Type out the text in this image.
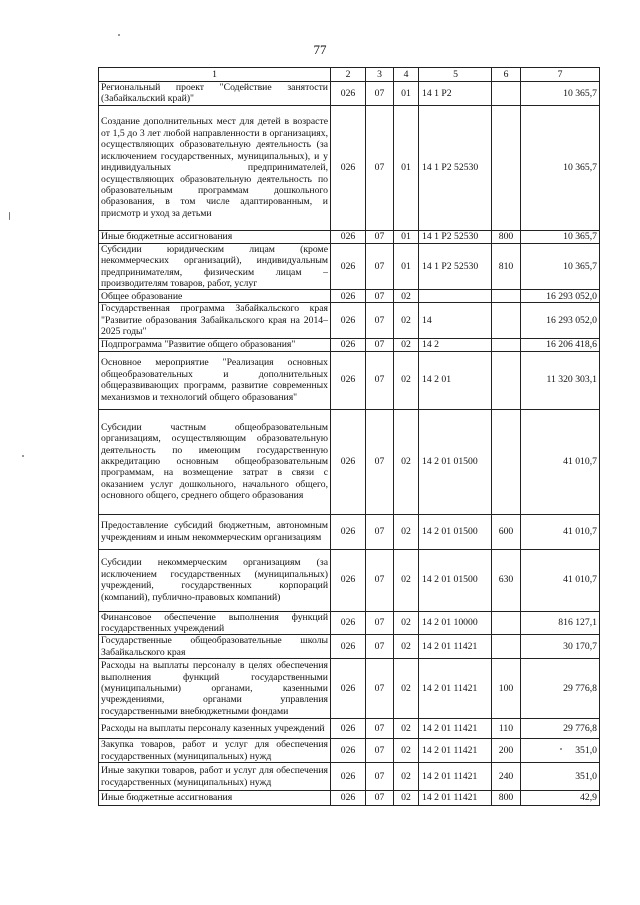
77
1	2	3	4	5	6	7
Региональный проект "Содействие занятости (Забайкальский край)"	026	07	01	14 1 P2		10 365,7
Создание дополнительных мест для детей в возрасте от 1,5 до 3 лет любой направленности в организациях, осуществляющих образовательную деятельность (за исключением государственных, муниципальных), и у индивидуальных предпринимателей, осуществляющих образовательную деятельность по образовательным программам дошкольного образования, в том числе адаптированным, и присмотр и уход за детьми	026	07	01	14 1 P2 52530		10 365,7
Иные бюджетные ассигнования	026	07	01	14 1 P2 52530	800	10 365,7
Субсидии юридическим лицам (кроме некоммерческих организаций), индивидуальным предпринимателям, физическим лицам – производителям товаров, работ, услуг	026	07	01	14 1 P2 52530	810	10 365,7
Общее образование	026	07	02			16 293 052,0
Государственная программа Забайкальского края "Развитие образования Забайкальского края на 2014–2025 годы"	026	07	02	14		16 293 052,0
Подпрограмма "Развитие общего образования"	026	07	02	14 2		16 206 418,6
Основное мероприятие "Реализация основных общеобразовательных и дополнительных общеразвивающих программ, развитие современных механизмов и технологий общего образования"	026	07	02	14 2 01		11 320 303,1
Субсидии частным общеобразовательным организациям, осуществляющим образовательную деятельность по имеющим государственную аккредитацию основным общеобразовательным программам, на возмещение затрат в связи с оказанием услуг дошкольного, начального общего, основного общего, среднего общего образования	026	07	02	14 2 01 01500		41 010,7
Предоставление субсидий бюджетным, автономным учреждениям и иным некоммерческим организациям	026	07	02	14 2 01 01500	600	41 010,7
Субсидии некоммерческим организациям (за исключением государственных (муниципальных) учреждений, государственных корпораций (компаний), публично-правовых компаний)	026	07	02	14 2 01 01500	630	41 010,7
Финансовое обеспечение выполнения функций государственных учреждений	026	07	02	14 2 01 10000		816 127,1
Государственные общеобразовательные школы Забайкальского края	026	07	02	14 2 01 11421		30 170,7
Расходы на выплаты персоналу в целях обеспечения выполнения функций государственными (муниципальными) органами, казенными учреждениями, органами управления государственными внебюджетными фондами	026	07	02	14 2 01 11421	100	29 776,8
Расходы на выплаты персоналу казенных учреждений	026	07	02	14 2 01 11421	110	29 776,8
Закупка товаров, работ и услуг для обеспечения государственных (муниципальных) нужд	026	07	02	14 2 01 11421	200	351,0
Иные закупки товаров, работ и услуг для обеспечения государственных (муниципальных) нужд	026	07	02	14 2 01 11421	240	351,0
Иные бюджетные ассигнования	026	07	02	14 2 01 11421	800	42,9
